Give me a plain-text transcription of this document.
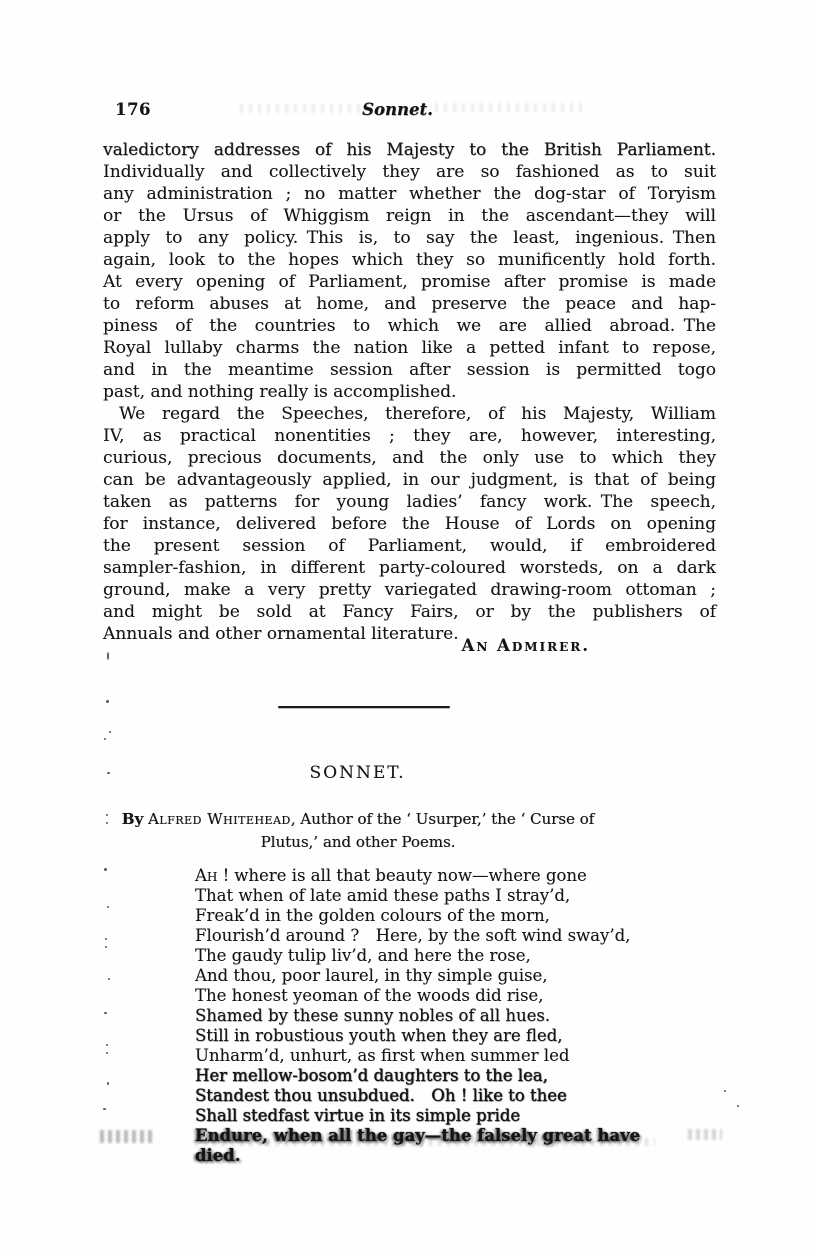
176	Sonnet.
valedictory addresses of his Majesty to the British Parliament.
Individually and collectively they are so fashioned as to suit
any administration ; no matter whether the dog-star of Toryism
or the Ursus of Whiggism reign in the ascendant—they will
apply to any policy. This is, to say the least, ingenious. Then
again, look to the hopes which they so munificently hold forth.
At every opening of Parliament, promise after promise is made
to reform abuses at home, and preserve the peace and hap-
piness of the countries to which we are allied abroad. The
Royal lullaby charms the nation like a petted infant to repose,
and in the meantime session after session is permitted togo
past, and nothing really is accomplished.
We regard the Speeches, therefore, of his Majesty, William
IV, as practical nonentities ; they are, however, interesting,
curious, precious documents, and the only use to which they
can be advantageously applied, in our judgment, is that of being
taken as patterns for young ladies’ fancy work. The speech,
for instance, delivered before the House of Lords on opening
the present session of Parliament, would, if embroidered
sampler-fashion, in different party-coloured worsteds, on a dark
ground, make a very pretty variegated drawing-room ottoman ;
and might be sold at Fancy Fairs, or by the publishers of
Annuals and other ornamental literature.
An Admirer.
SONNET.
By Alfred Whitehead, Author of the ‘ Usurper,’ the ‘ Curse of
Plutus,’ and other Poems.
Ah ! where is all that beauty now—where gone
That when of late amid these paths I stray’d,
Freak’d in the golden colours of the morn,
Flourish’d around ? Here, by the soft wind sway’d,
The gaudy tulip liv’d, and here the rose,
And thou, poor laurel, in thy simple guise,
The honest yeoman of the woods did rise,
Shamed by these sunny nobles of all hues.
Still in robustious youth when they are fled,
Unharm’d, unhurt, as first when summer led
Her mellow-bosom’d daughters to the lea,
Standest thou unsubdued. Oh ! like to thee
Shall stedfast virtue in its simple pride
Endure, when all the gay—the falsely great have died.
